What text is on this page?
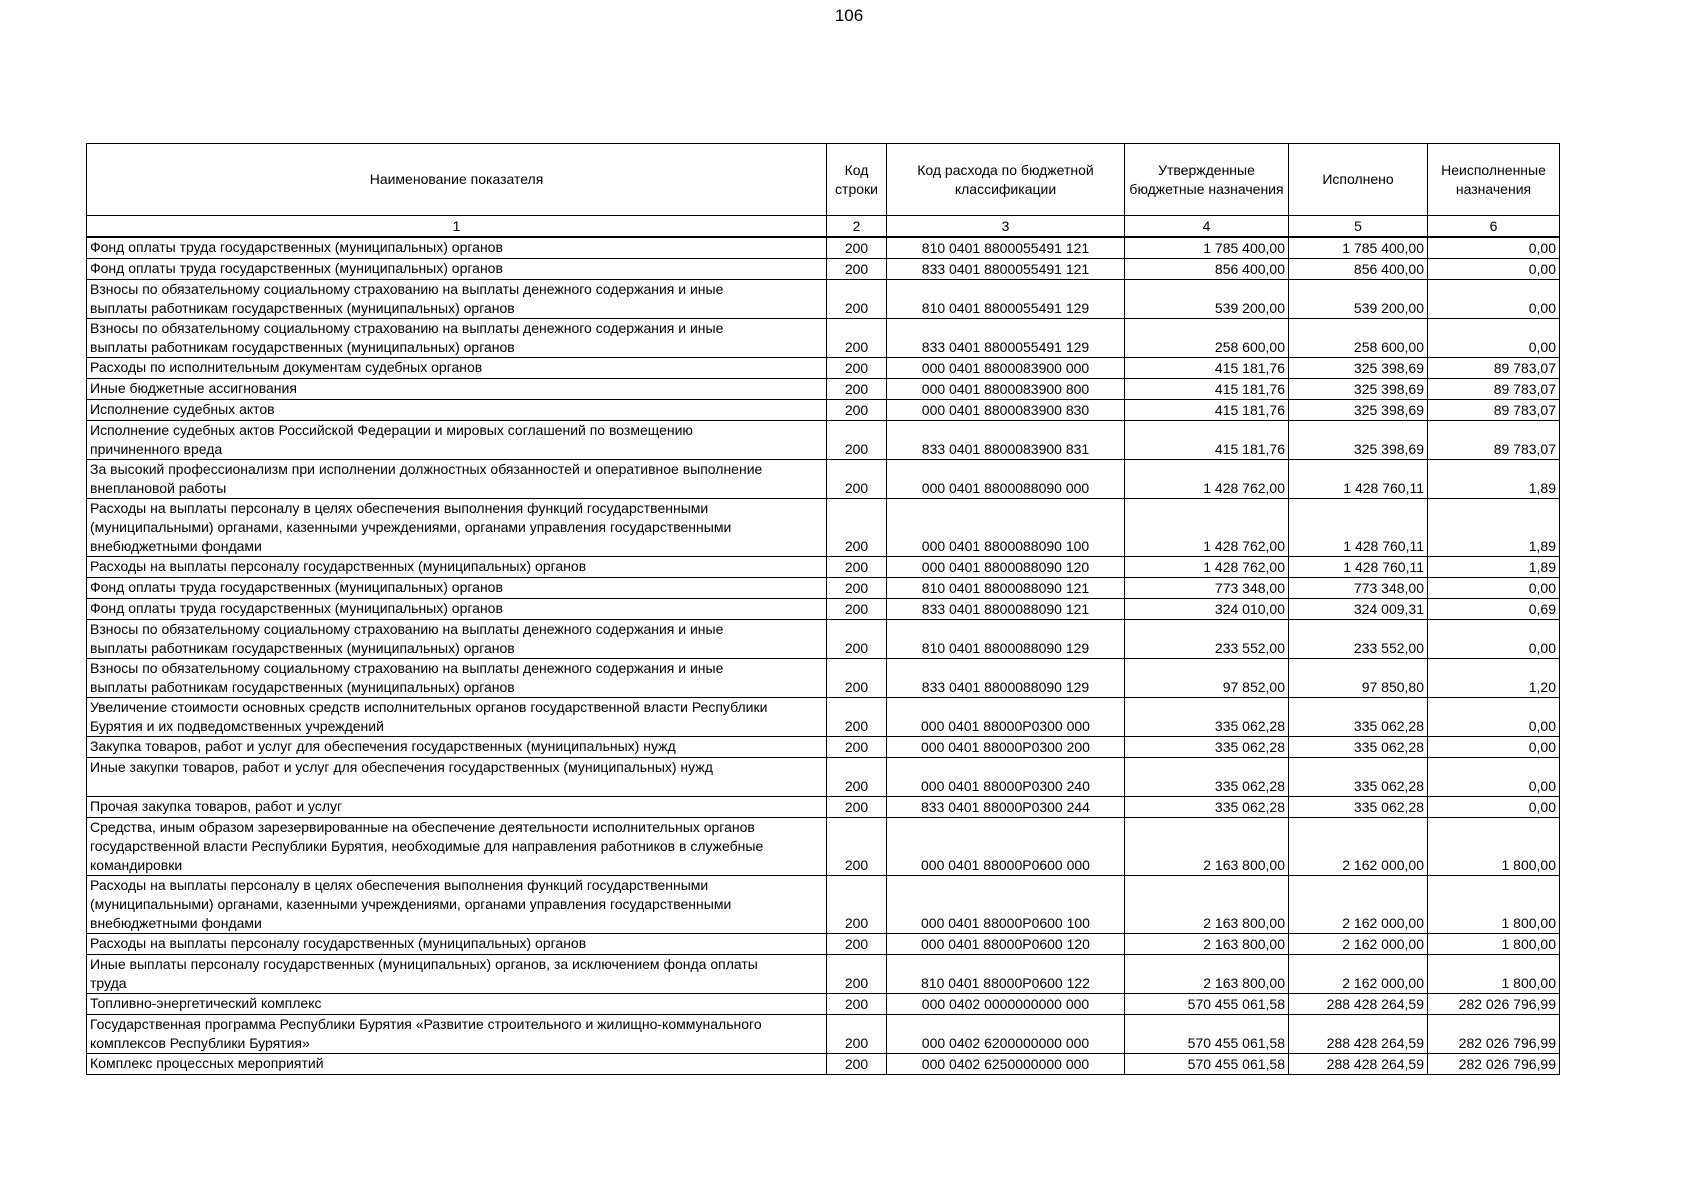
106
Наименование показателя	Код строки	Код расхода по бюджетной классификации	Утвержденные бюджетные назначения	Исполнено	Неисполненные назначения
1	2	3	4	5	6

Фонд оплаты труда государственных (муниципальных) органов	200	810 0401 8800055491 121	1 785 400,00	1 785 400,00	0,00

Фонд оплаты труда государственных (муниципальных) органов	200	833 0401 8800055491 121	856 400,00	856 400,00	0,00

Взносы по обязательному социальному страхованию на выплаты денежного содержания и иные
выплаты работникам государственных (муниципальных) органов	200	810 0401 8800055491 129	539 200,00	539 200,00	0,00

Взносы по обязательному социальному страхованию на выплаты денежного содержания и иные
выплаты работникам государственных (муниципальных) органов	200	833 0401 8800055491 129	258 600,00	258 600,00	0,00

Расходы по исполнительным документам судебных органов	200	000 0401 8800083900 000	415 181,76	325 398,69	89 783,07

Иные бюджетные ассигнования	200	000 0401 8800083900 800	415 181,76	325 398,69	89 783,07

Исполнение судебных актов	200	000 0401 8800083900 830	415 181,76	325 398,69	89 783,07

Исполнение судебных актов Российской Федерации и мировых соглашений по возмещению
причиненного вреда	200	833 0401 8800083900 831	415 181,76	325 398,69	89 783,07

За высокий профессионализм при исполнении должностных обязанностей и оперативное выполнение
внеплановой работы	200	000 0401 8800088090 000	1 428 762,00	1 428 760,11	1,89

Расходы на выплаты персоналу в целях обеспечения выполнения функций государственными
(муниципальными) органами, казенными учреждениями, органами управления государственными
внебюджетными фондами	200	000 0401 8800088090 100	1 428 762,00	1 428 760,11	1,89

Расходы на выплаты персоналу государственных (муниципальных) органов	200	000 0401 8800088090 120	1 428 762,00	1 428 760,11	1,89

Фонд оплаты труда государственных (муниципальных) органов	200	810 0401 8800088090 121	773 348,00	773 348,00	0,00

Фонд оплаты труда государственных (муниципальных) органов	200	833 0401 8800088090 121	324 010,00	324 009,31	0,69

Взносы по обязательному социальному страхованию на выплаты денежного содержания и иные
выплаты работникам государственных (муниципальных) органов	200	810 0401 8800088090 129	233 552,00	233 552,00	0,00

Взносы по обязательному социальному страхованию на выплаты денежного содержания и иные
выплаты работникам государственных (муниципальных) органов	200	833 0401 8800088090 129	97 852,00	97 850,80	1,20

Увеличение стоимости основных средств исполнительных органов государственной власти Республики
Бурятия и их подведомственных учреждений	200	000 0401 88000P0300 000	335 062,28	335 062,28	0,00

Закупка товаров, работ и услуг для обеспечения государственных (муниципальных) нужд	200	000 0401 88000P0300 200	335 062,28	335 062,28	0,00

Иные закупки товаров, работ и услуг для обеспечения государственных (муниципальных) нужд	200	000 0401 88000P0300 240	335 062,28	335 062,28	0,00

Прочая закупка товаров, работ и услуг	200	833 0401 88000P0300 244	335 062,28	335 062,28	0,00

Средства, иным образом зарезервированные на обеспечение деятельности исполнительных органов
государственной власти Республики Бурятия, необходимые для направления работников в служебные
командировки	200	000 0401 88000P0600 000	2 163 800,00	2 162 000,00	1 800,00

Расходы на выплаты персоналу в целях обеспечения выполнения функций государственными
(муниципальными) органами, казенными учреждениями, органами управления государственными
внебюджетными фондами	200	000 0401 88000P0600 100	2 163 800,00	2 162 000,00	1 800,00

Расходы на выплаты персоналу государственных (муниципальных) органов	200	000 0401 88000P0600 120	2 163 800,00	2 162 000,00	1 800,00

Иные выплаты персоналу государственных (муниципальных) органов, за исключением фонда оплаты
труда	200	810 0401 88000P0600 122	2 163 800,00	2 162 000,00	1 800,00

Топливно-энергетический комплекс	200	000 0402 0000000000 000	570 455 061,58	288 428 264,59	282 026 796,99

Государственная программа Республики Бурятия «Развитие строительного и жилищно-коммунального
комплексов Республики Бурятия»	200	000 0402 6200000000 000	570 455 061,58	288 428 264,59	282 026 796,99

Комплекс процессных мероприятий	200	000 0402 6250000000 000	570 455 061,58	288 428 264,59	282 026 796,99
